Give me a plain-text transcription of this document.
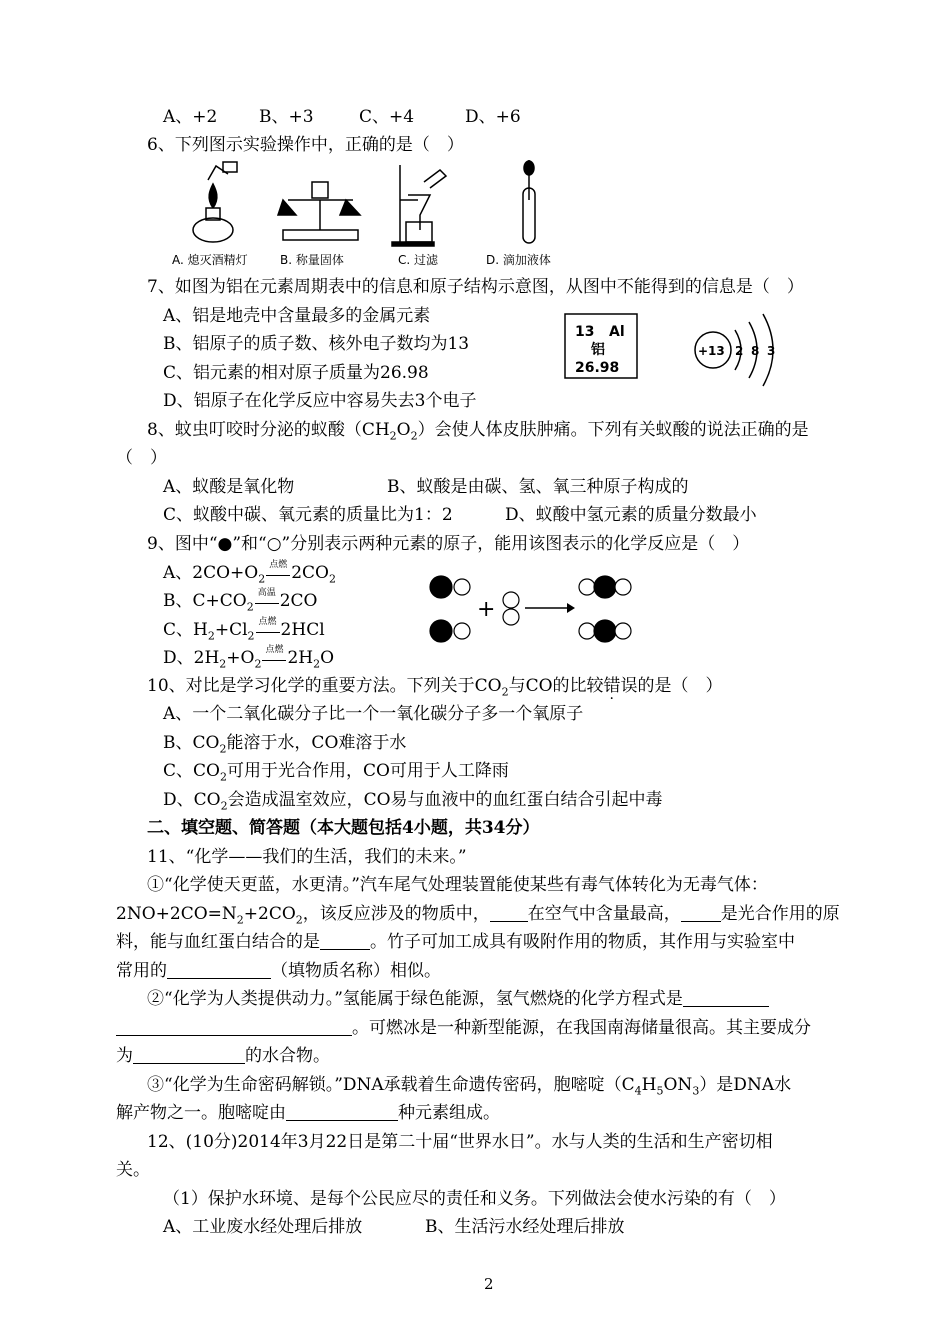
A、+2 B、+3	C、+4	D、+6
6、下列图示实验操作中，正确的是（　）
A. 熄灭酒精灯	B. 称量固体	C. 过滤	D. 滴加液体
7、如图为铝在元素周期表中的信息和原子结构示意图，从图中不能得到的信息是（　）
A、铝是地壳中含量最多的金属元素
B、铝原子的质子数、核外电子数均为13
C、铝元素的相对原子质量为26.98
D、铝原子在化学反应中容易失去3个电子
13 Al
铝
26.98
+13 2 8 3
8、蚊虫叮咬时分泌的蚁酸$(CH_2O_2)$会使人体皮肤肿痛。下列有关蚁酸的说法正确的是
（　）
A、蚁酸是氧化物	B、蚁酸是由碳、氢、氧三种原子构成的
C、蚁酸中碳、氧元素的质量比为1：2	D、蚁酸中氢元素的质量分数最小
9、图中“●”和“○”分别表示两种元素的原子，能用该图表示的化学反应是（　）
A、$2CO+O_2$
点燃 $2CO_2$
B、$C+CO_2$
高温 2CO
C、$H_2+Cl_2$
点燃 2HCl
D、$2H_2+O_2$
点燃 $2H_2O$
+
10、对比是学习化学的重要方法。下列关于$CO_2$与CO的比较错误的是（　）
A、一个二氧化碳分子比一个一氧化碳分子多一个氧原子
B、$CO_2$能溶于水，CO难溶于水
C、$CO_2$可用于光合作用，CO可用于人工降雨
D、$CO_2$会造成温室效应，CO易与血液中的血红蛋白结合引起中毒
二、填空题、简答题（本大题包括4小题，共34分）
11、“化学——我们的生活，我们的未来。”
①“化学使天更蓝，水更清。”汽车尾气处理装置能使某些有毒气体转化为无毒气体：
$2NO+2CO=N_2+2CO_2$，该反应涉及的物质中， 在空气中含量最高， 是光合作用的原
料，能与血红蛋白结合的是	。竹子可加工成具有吸附作用的物质，其作用与实验室中
常用的	（填物质名称）相似。
②“化学为人类提供动力。”氢能属于绿色能源，氢气燃烧的化学方程式是
。可燃冰是一种新型能源，在我国南海储量很高。其主要成分
为	的水合物。
③“化学为生命密码解锁。”DNA承载着生命遗传密码，胞嘧啶$(C_4H_5ON_3)$是DNA水
解产物之一。胞嘧啶由	种元素组成。
12、(10分)2014年3月22日是第二十届“世界水日”。水与人类的生活和生产密切相
关。
（1）保护水环境、是每个公民应尽的责任和义务。下列做法会使水污染的有（　）
A、工业废水经处理后排放	B、生活污水经处理后排放
2
